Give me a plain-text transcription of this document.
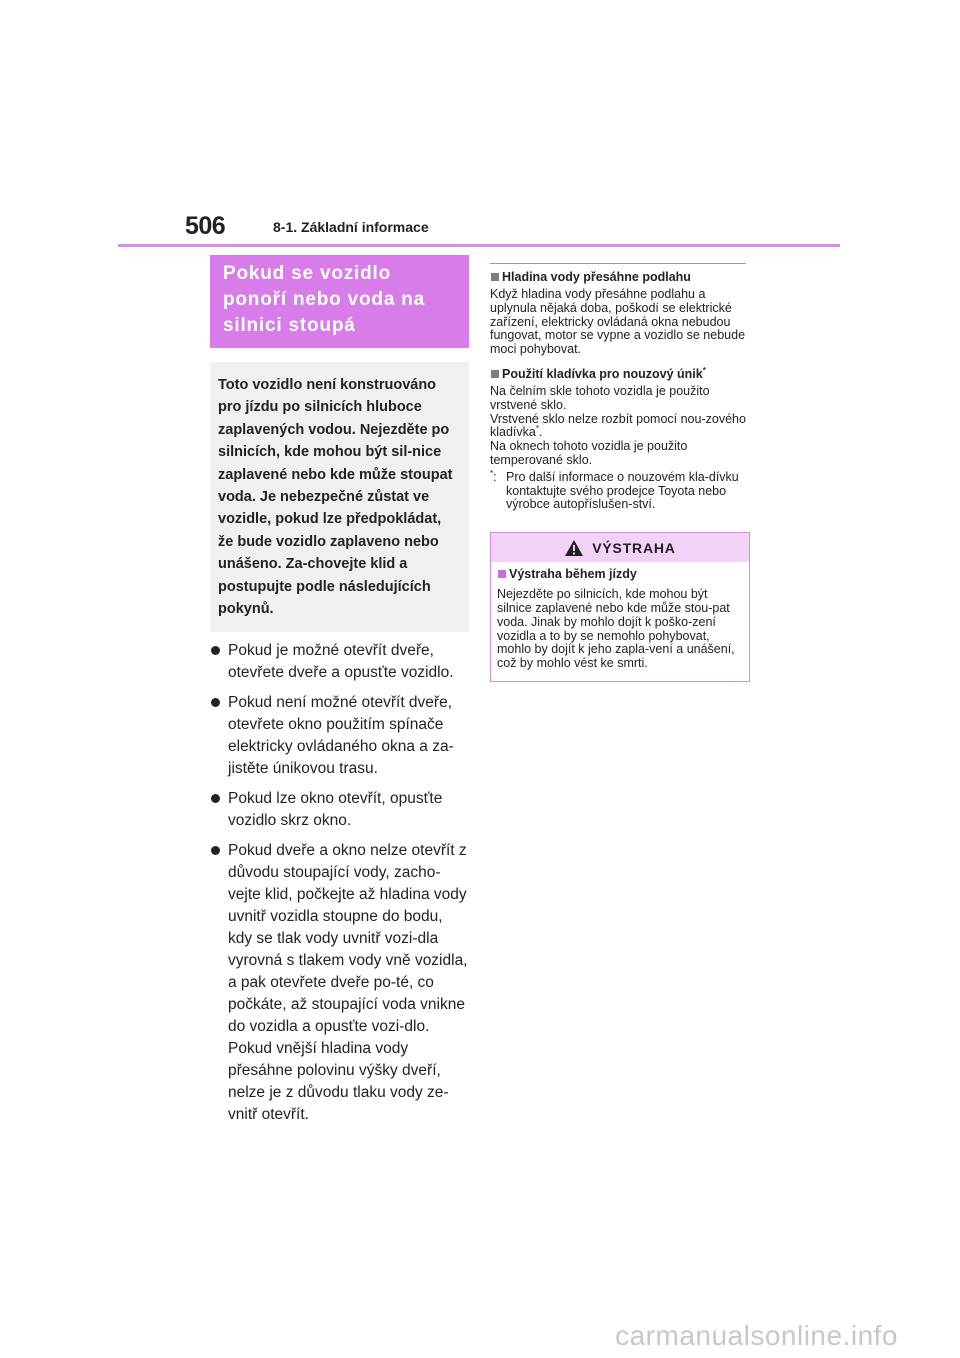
506	8-1. Základní informace
Pokud se vozidlo ponoří nebo voda na silnici stoupá
Toto vozidlo není konstruováno pro jízdu po silnicích hluboce zaplavených vodou. Nejezděte po silnicích, kde mohou být sil-nice zaplavené nebo kde může stoupat voda. Je nebezpečné zůstat ve vozidle, pokud lze předpokládat, že bude vozidlo zaplaveno nebo unášeno. Za-chovejte klid a postupujte podle následujících pokynů.
Pokud je možné otevřít dveře, otevřete dveře a opusťte vozidlo.
Pokud není možné otevřít dveře, otevřete okno použitím spínače elektricky ovládaného okna a za-jistěte únikovou trasu.
Pokud lze okno otevřít, opusťte vozidlo skrz okno.
Pokud dveře a okno nelze otevřít z důvodu stoupající vody, zacho-vejte klid, počkejte až hladina vody uvnitř vozidla stoupne do bodu, kdy se tlak vody uvnitř vozi-dla vyrovná s tlakem vody vně vozidla, a pak otevřete dveře po-té, co počkáte, až stoupající voda vnikne do vozidla a opusťte vozi-dlo. Pokud vnější hladina vody přesáhne polovinu výšky dveří, nelze je z důvodu tlaku vody ze-vnitř otevřít.
Hladina vody přesáhne podlahu
Když hladina vody přesáhne podlahu a uplynula nějaká doba, poškodí se elektrické zařízení, elektricky ovládaná okna nebudou fungovat, motor se vypne a vozidlo se nebude moci pohybovat.
Použití kladívka pro nouzový únik*
Na čelním skle tohoto vozidla je použito vrstvené sklo.
Vrstvené sklo nelze rozbít pomocí nou-zového kladívka*.
Na oknech tohoto vozidla je použito temperované sklo.
*: Pro další informace o nouzovém kla-dívku kontaktujte svého prodejce Toyota nebo výrobce autopříslušen-ství.
VÝSTRAHA
Výstraha během jízdy
Nejezděte po silnicích, kde mohou být silnice zaplavené nebo kde může stou-pat voda. Jinak by mohlo dojít k poško-zení vozidla a to by se nemohlo pohybovat, mohlo by dojít k jeho zapla-vení a unášení, což by mohlo vést ke smrti.
carmanualsonline.info
